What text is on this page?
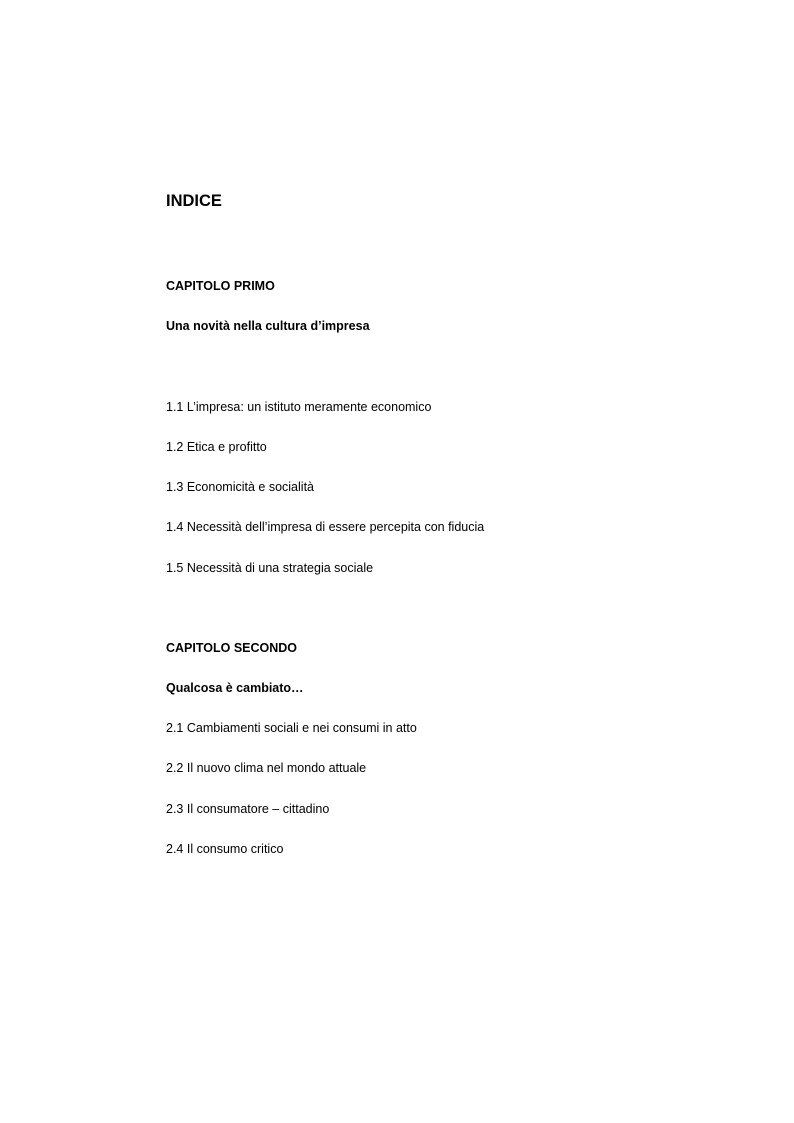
INDICE
CAPITOLO PRIMO
Una novità nella cultura d’impresa
1.1 L’impresa: un istituto meramente economico
1.2 Etica e profitto
1.3 Economicità e socialità
1.4 Necessità dell’impresa di essere percepita con fiducia
1.5 Necessità di una strategia sociale
CAPITOLO SECONDO
Qualcosa è cambiato…
2.1 Cambiamenti sociali e nei consumi in atto
2.2 Il nuovo clima nel mondo attuale
2.3 Il consumatore – cittadino
2.4 Il consumo critico
